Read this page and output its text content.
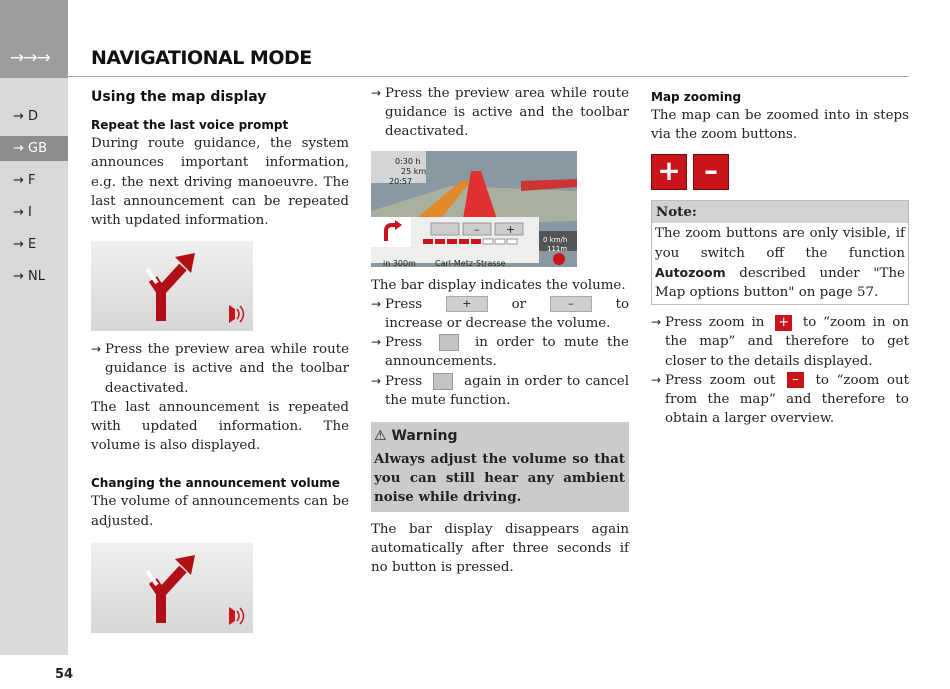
→→→
→ D
→ GB
→ F
→ I
→ E
→ NL
54
NAVIGATIONAL MODE
Using the map display
Repeat the last voice prompt

During route guidance, the system announces important information, e.g. the next driving manoeuvre. The last announcement can be repeated with updated information.

→ Press the preview area while route guidance is active and the toolbar deactivated.

The last announcement is repeated with updated information. The volume is also displayed.

Changing the announcement volume

The volume of announcements can be adjusted.

→ Press the preview area while route guidance is active and the toolbar deactivated.
0:30 h
25 km
20:57
– +
0 km/h
111m
in 300m Carl-Metz-Strasse

The bar display indicates the volume.

→ Press	+	or	–	to increase or decrease the volume.
→ Press	in order to mute the announcements.
→ Press	again in order to cancel the mute function.
⚠ Warning
Always adjust the volume so that you can still hear any ambient noise while driving.

The bar display disappears again automatically after three seconds if no button is pressed.

Map zooming

The map can be zoomed into in steps via the zoom buttons.

+ –
Note:
The zoom buttons are only visible, if you switch off the function Autozoom described under "The Map options button" on page 57.
→ Press zoom in + to “zoom in on the map” and therefore to get closer to the details displayed.
→ Press zoom out – to “zoom out from the map” and therefore to obtain a larger overview.
